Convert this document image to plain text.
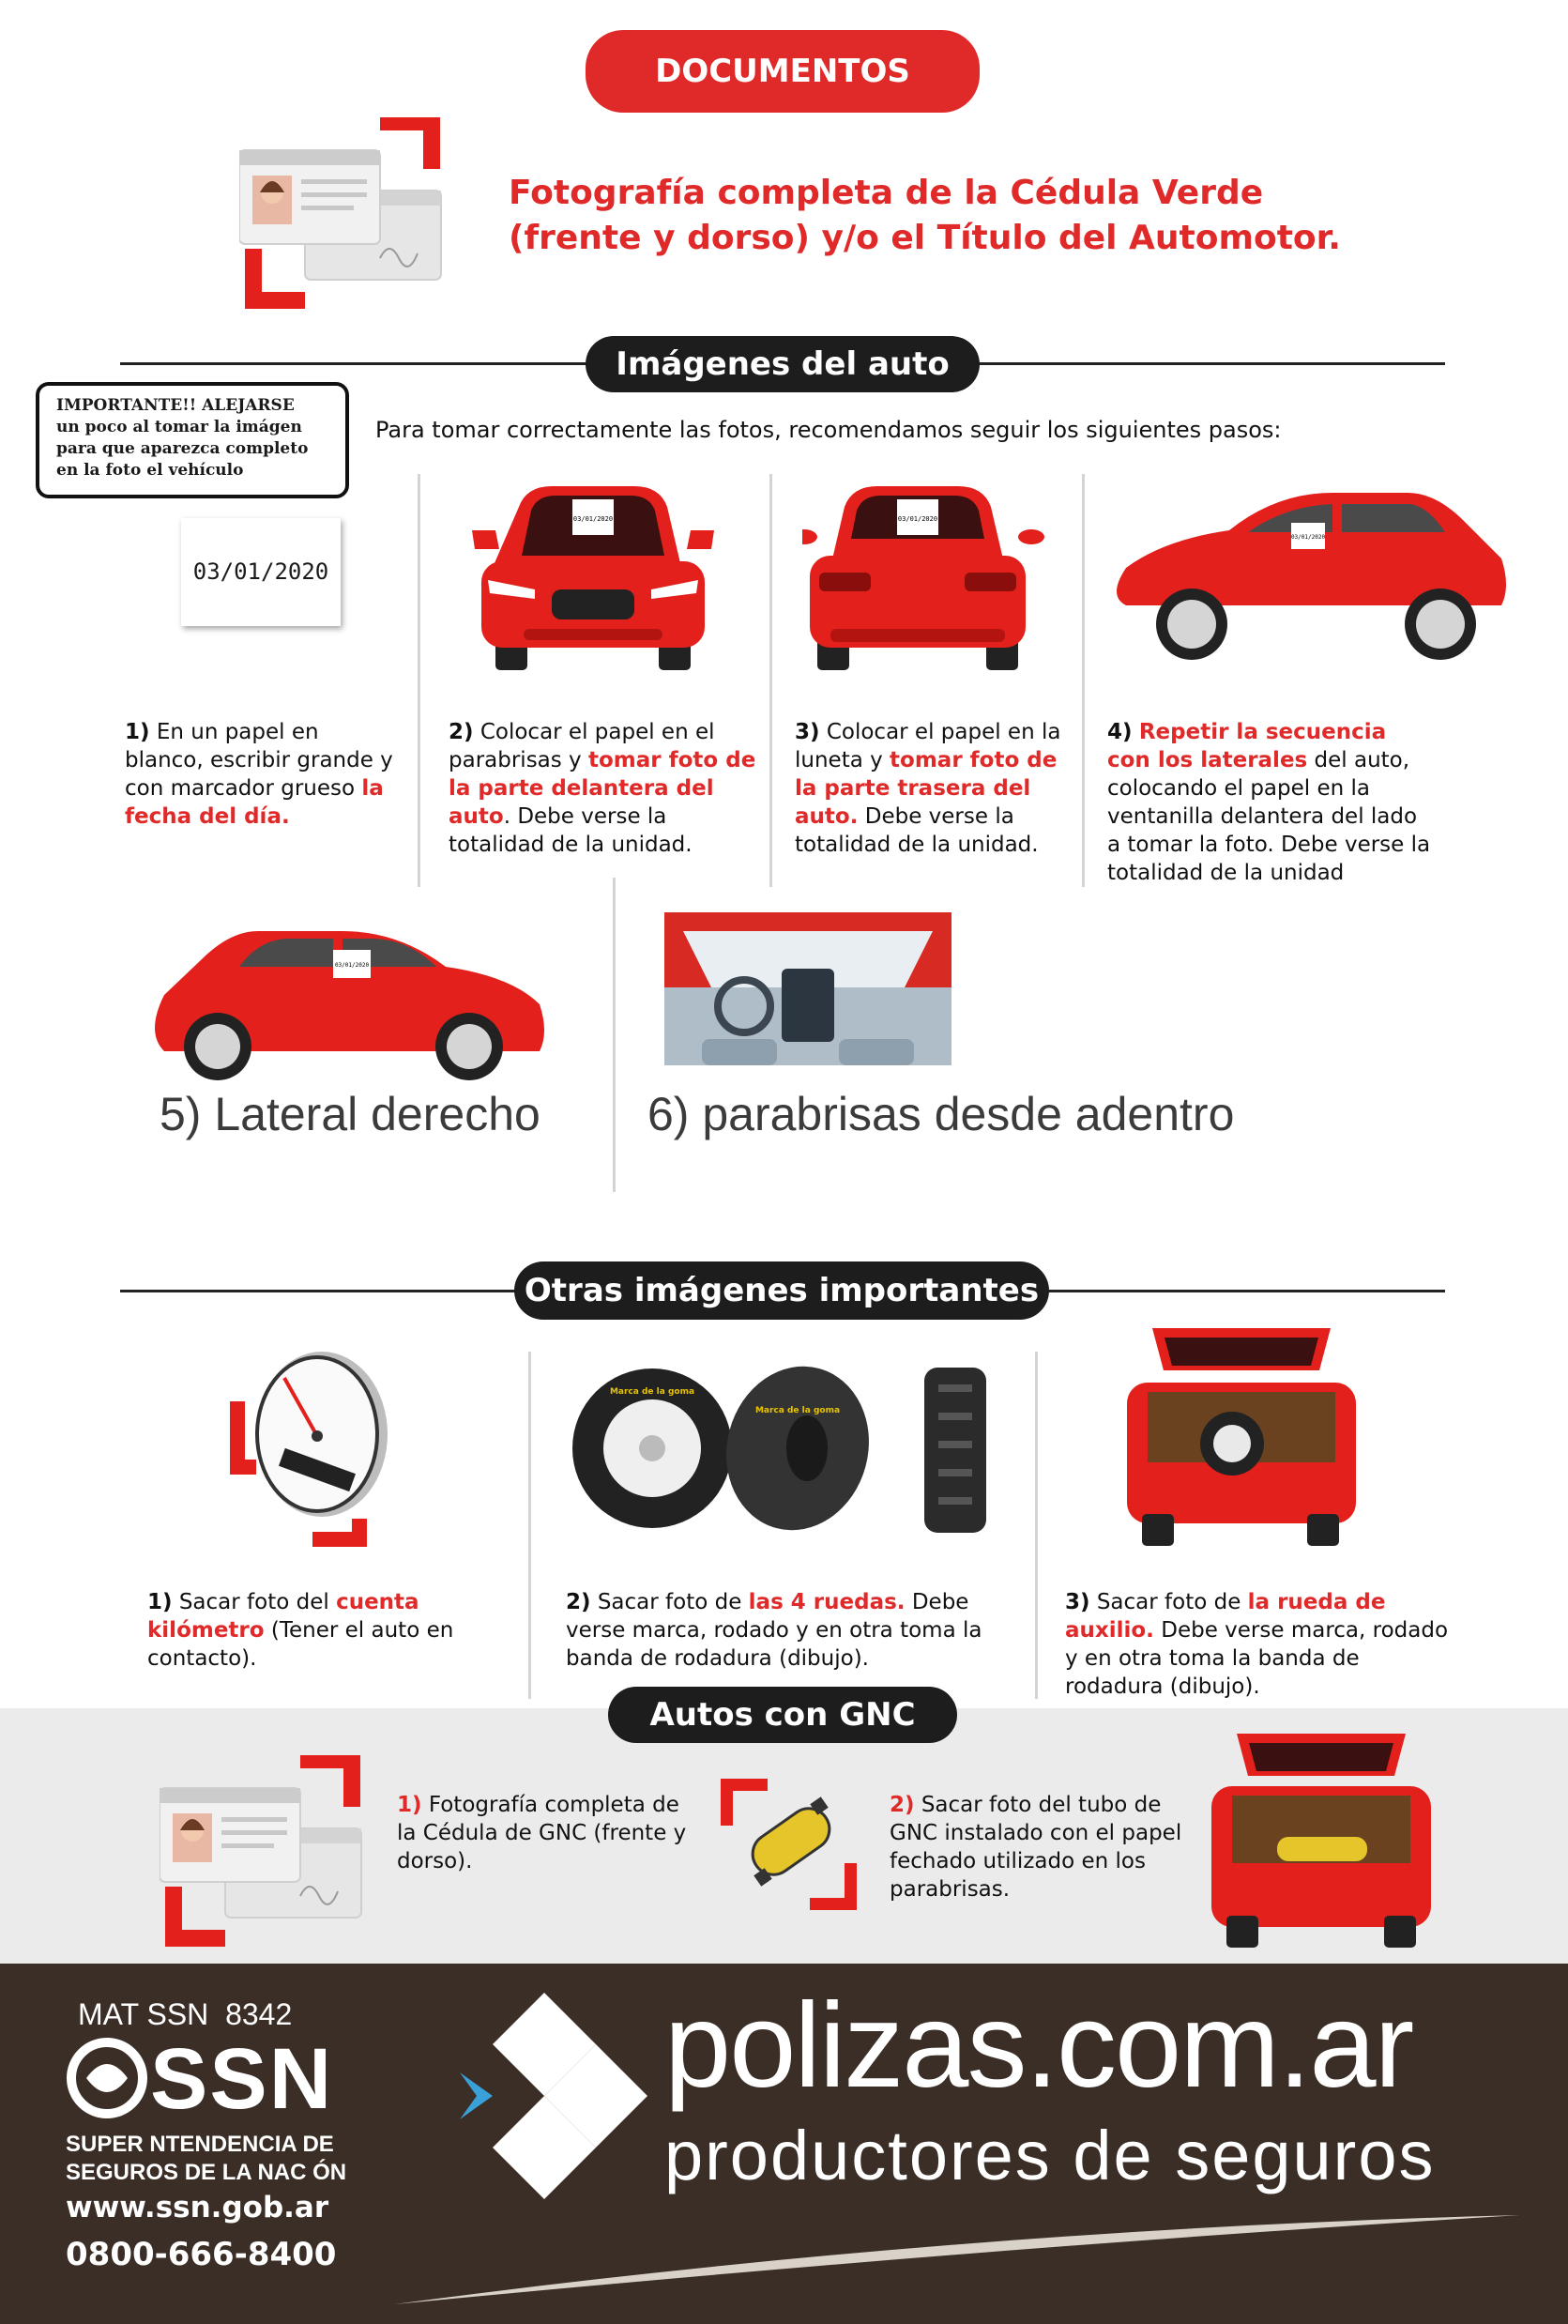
DOCUMENTOS
Fotografía completa de la Cédula Verde
(frente y dorso) y/o el Título del Automotor.
Imágenes del auto
IMPORTANTE!! ALEJARSE
un poco al tomar la imágen
para que aparezca completo
en la foto el vehículo
Para tomar correctamente las fotos, recomendamos seguir los siguientes pasos:
03/01/2020
03/01/2020	03/01/2020
03/01/2020
1) En un papel en blanco, escribir grande y con marcador grueso la fecha del día.
2) Colocar el papel en el parabrisas y tomar foto de la parte delantera del auto. Debe verse la totalidad de la unidad.
3) Colocar el papel en la luneta y tomar foto de la parte trasera del auto. Debe verse la totalidad de la unidad.
4) Repetir la secuencia con los laterales del auto, colocando el papel en la ventanilla delantera del lado a tomar la foto. Debe verse la totalidad de la unidad
03/01/2020
5) Lateral derecho 6) parabrisas desde adentro
Otras imágenes importantes
Marca de la goma
Marca de la goma
1) Sacar foto del cuenta kilómetro (Tener el auto en contacto).
2) Sacar foto de las 4 ruedas. Debe verse marca, rodado y en otra toma la banda de rodadura (dibujo).
3) Sacar foto de la rueda de auxilio. Debe verse marca, rodado y en otra toma la banda de rodadura (dibujo).
Autos con GNC
1) Fotografía completa de la Cédula de GNC (frente y dorso).
2) Sacar foto del tubo de GNC instalado con el papel fechado utilizado en los parabrisas.
MAT SSN  8342
SSN
SUPER NTENDENCIA DE
SEGUROS DE LA NAC ÓN
www.ssn.gob.ar
0800-666-8400
polizas.com.ar
productores de seguros
